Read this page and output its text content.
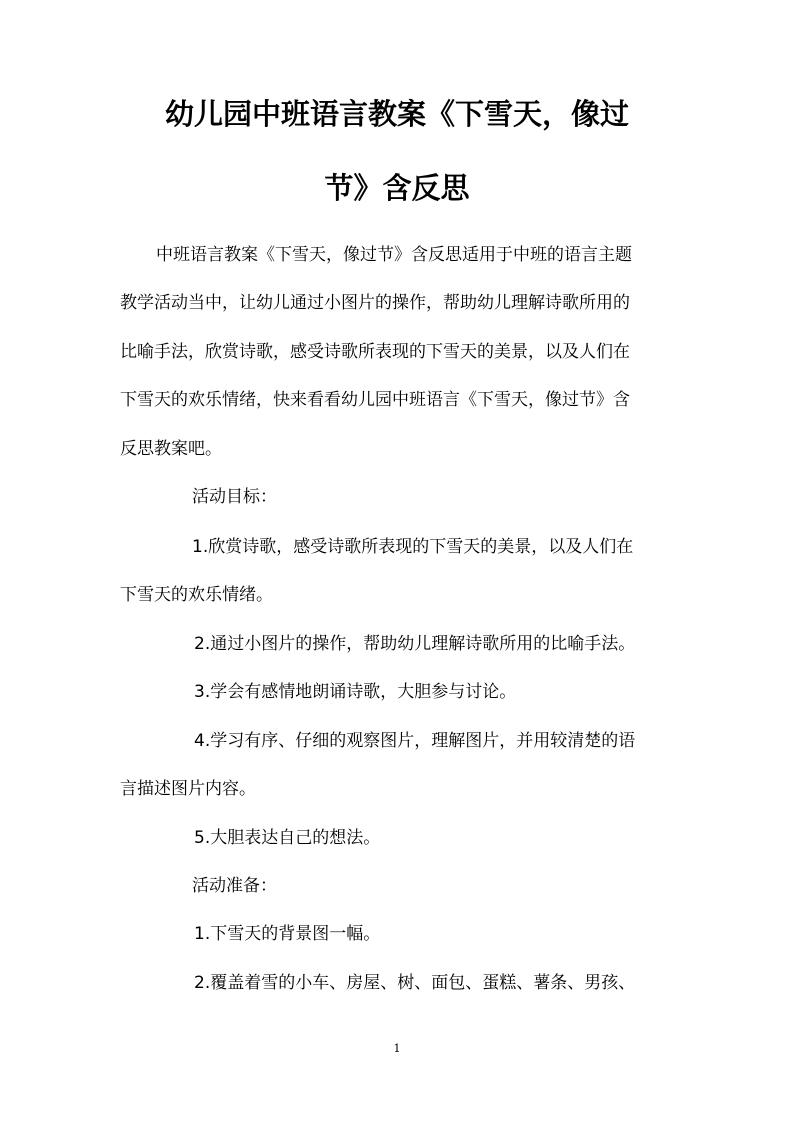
幼儿园中班语言教案《下雪天，像过
节》含反思
中班语言教案《下雪天，像过节》含反思适用于中班的语言主题
教学活动当中，让幼儿通过小图片的操作，帮助幼儿理解诗歌所用的
比喻手法，欣赏诗歌，感受诗歌所表现的下雪天的美景，以及人们在
下雪天的欢乐情绪，快来看看幼儿园中班语言《下雪天，像过节》含
反思教案吧。
活动目标：
1.欣赏诗歌，感受诗歌所表现的下雪天的美景，以及人们在
下雪天的欢乐情绪。
2.通过小图片的操作，帮助幼儿理解诗歌所用的比喻手法。
3.学会有感情地朗诵诗歌，大胆参与讨论。
4.学习有序、仔细的观察图片，理解图片，并用较清楚的语
言描述图片内容。
5.大胆表达自己的想法。
活动准备：
1.下雪天的背景图一幅。
2.覆盖着雪的小车、房屋、树、面包、蛋糕、薯条、男孩、
1
